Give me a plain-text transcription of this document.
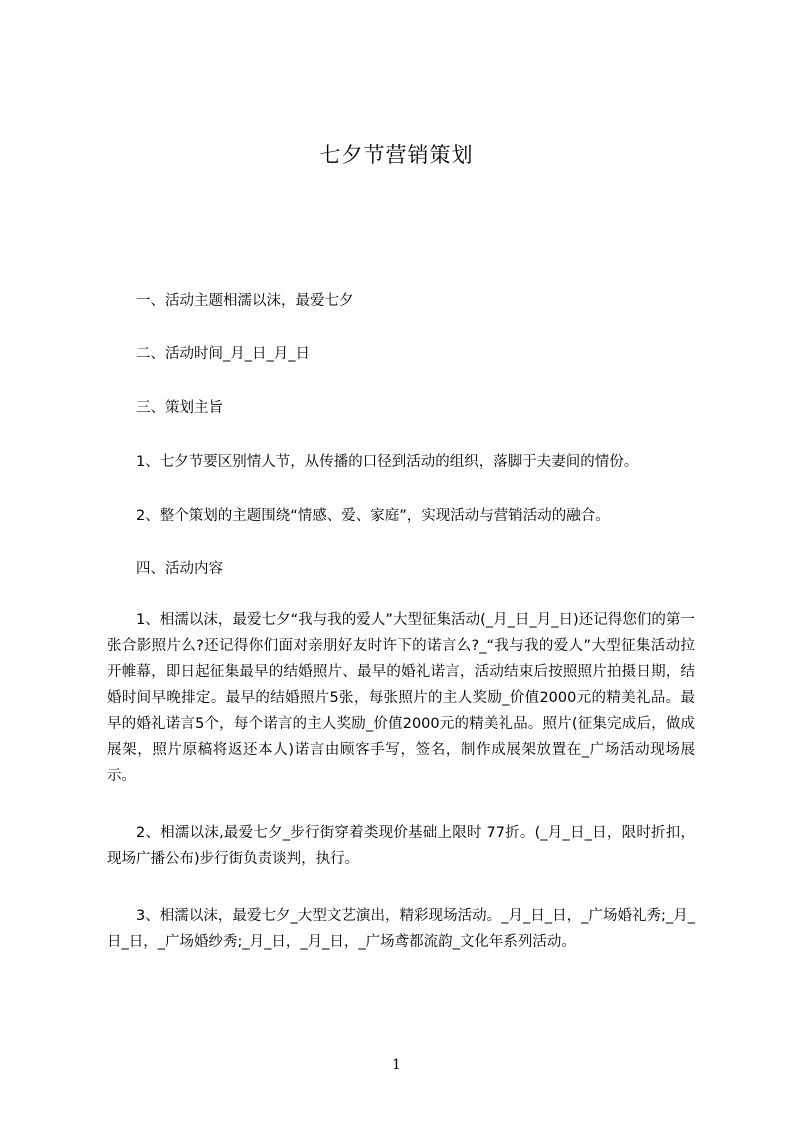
七夕节营销策划
一、活动主题相濡以沫，最爱七夕
二、活动时间_月_日_月_日
三、策划主旨
1、七夕节要区别情人节，从传播的口径到活动的组织，落脚于夫妻间的情份。
2、整个策划的主题围绕“情感、爱、家庭”，实现活动与营销活动的融合。
四、活动内容
1、相濡以沫，最爱七夕“我与我的爱人”大型征集活动(_月_日_月_日)还记得您们的第一张合影照片么?还记得你们面对亲朋好友时许下的诺言么?_“我与我的爱人”大型征集活动拉开帷幕，即日起征集最早的结婚照片、最早的婚礼诺言，活动结束后按照照片拍摄日期，结婚时间早晚排定。最早的结婚照片5张，每张照片的主人奖励_价值2000元的精美礼品。最早的婚礼诺言5个，每个诺言的主人奖励_价值2000元的精美礼品。照片(征集完成后，做成展架，照片原稿将返还本人)诺言由顾客手写，签名，制作成展架放置在_广场活动现场展示。
2、相濡以沫,最爱七夕_步行街穿着类现价基础上限时 77折。(_月_日_日，限时折扣，现场广播公布)步行街负责谈判，执行。
3、相濡以沫，最爱七夕_大型文艺演出，精彩现场活动。_月_日_日，_广场婚礼秀;_月_日_日，_广场婚纱秀;_月_日，_月_日，_广场鸢都流韵_文化年系列活动。
1
